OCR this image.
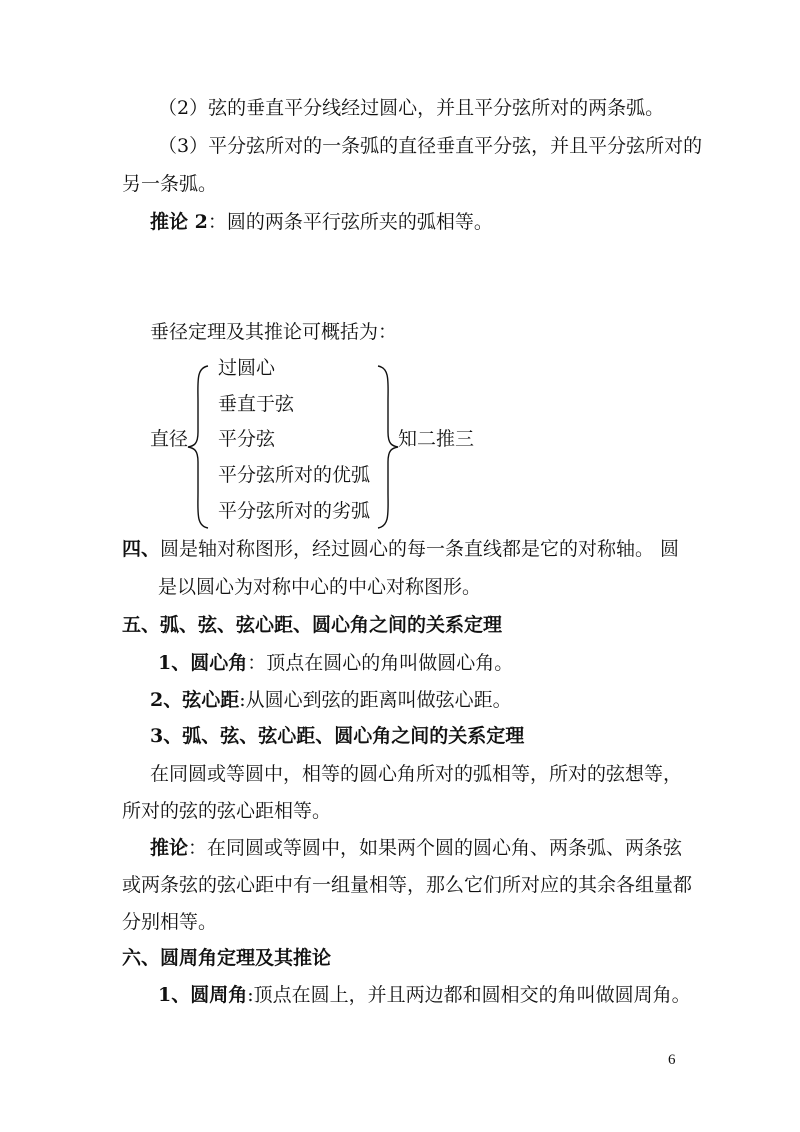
（2）弦的垂直平分线经过圆心，并且平分弦所对的两条弧。
（3）平分弦所对的一条弧的直径垂直平分弦，并且平分弦所对的
另一条弧。
推论 2：圆的两条平行弦所夹的弧相等。
垂径定理及其推论可概括为：
直径
过圆心
垂直于弦
平分弦
平分弦所对的优弧
平分弦所对的劣弧
知二推三
四、圆是轴对称图形，经过圆心的每一条直线都是它的对称轴。 圆
是以圆心为对称中心的中心对称图形。
五、弧、弦、弦心距、圆心角之间的关系定理
1、圆心角：顶点在圆心的角叫做圆心角。
2、弦心距:从圆心到弦的距离叫做弦心距。
3、弧、弦、弦心距、圆心角之间的关系定理
在同圆或等圆中，相等的圆心角所对的弧相等，所对的弦想等，
所对的弦的弦心距相等。
推论：在同圆或等圆中，如果两个圆的圆心角、两条弧、两条弦
或两条弦的弦心距中有一组量相等，那么它们所对应的其余各组量都
分别相等。
六、圆周角定理及其推论
1、圆周角:顶点在圆上，并且两边都和圆相交的角叫做圆周角。
6
